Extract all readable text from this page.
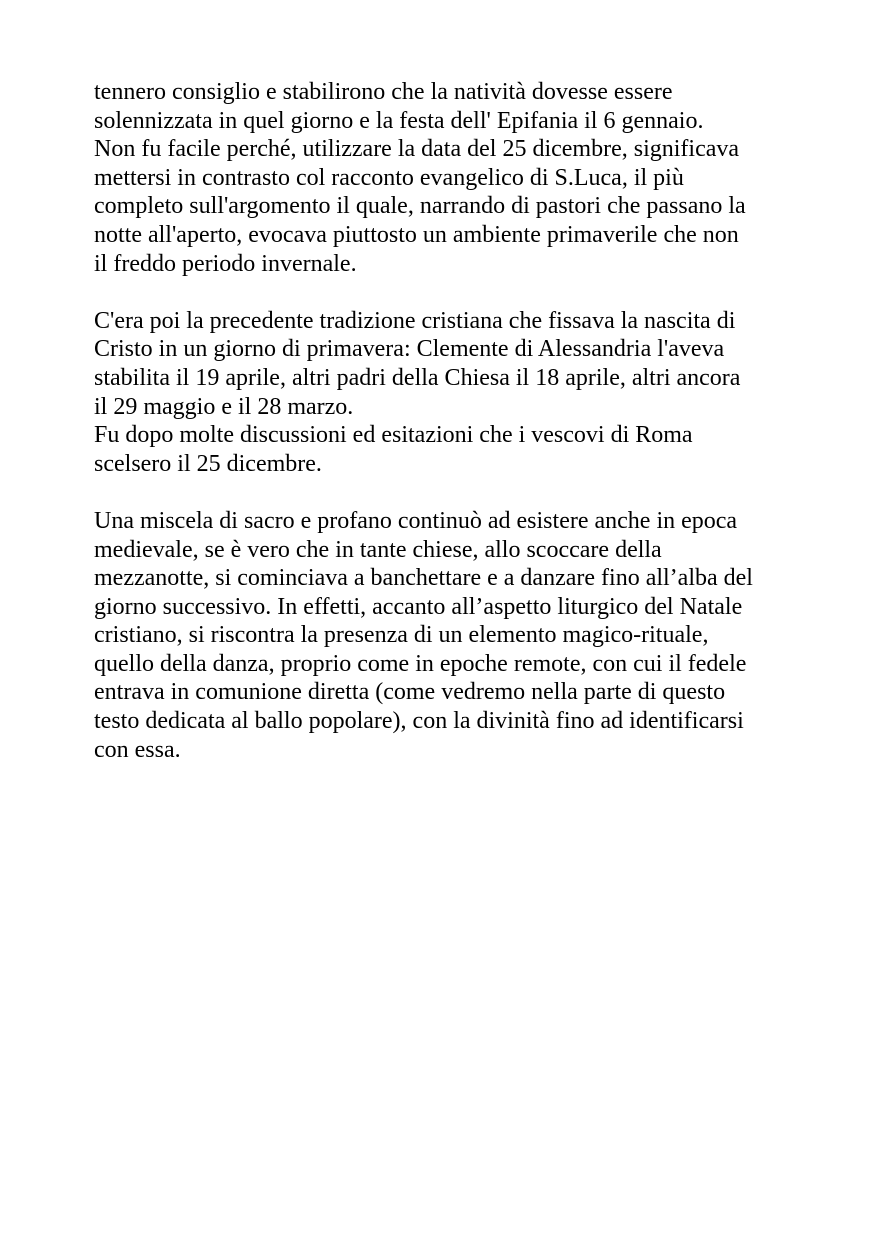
tennero consiglio e stabilirono che la natività dovesse essere
solennizzata in quel giorno e la festa dell' Epifania il 6 gennaio.
Non fu facile perché, utilizzare la data del 25 dicembre, significava
mettersi in contrasto col racconto evangelico di S.Luca, il più
completo sull'argomento il quale, narrando di pastori che passano la
notte all'aperto, evocava piuttosto un ambiente primaverile che non
il freddo periodo invernale.

C'era poi la precedente tradizione cristiana che fissava la nascita di
Cristo in un giorno di primavera: Clemente di Alessandria l'aveva
stabilita il 19 aprile, altri padri della Chiesa il 18 aprile, altri ancora
il 29 maggio e il 28 marzo.
Fu dopo molte discussioni ed esitazioni che i vescovi di Roma
scelsero il 25 dicembre.

Una miscela di sacro e profano continuò ad esistere anche in epoca
medievale, se è vero che in tante chiese, allo scoccare della
mezzanotte, si cominciava a banchettare e a danzare fino all’alba del
giorno successivo. In effetti, accanto all’aspetto liturgico del Natale
cristiano, si riscontra la presenza di un elemento magico-rituale,
quello della danza, proprio come in epoche remote, con cui il fedele
entrava in comunione diretta (come vedremo nella parte di questo
testo dedicata al ballo popolare), con la divinità fino ad identificarsi
con essa.
